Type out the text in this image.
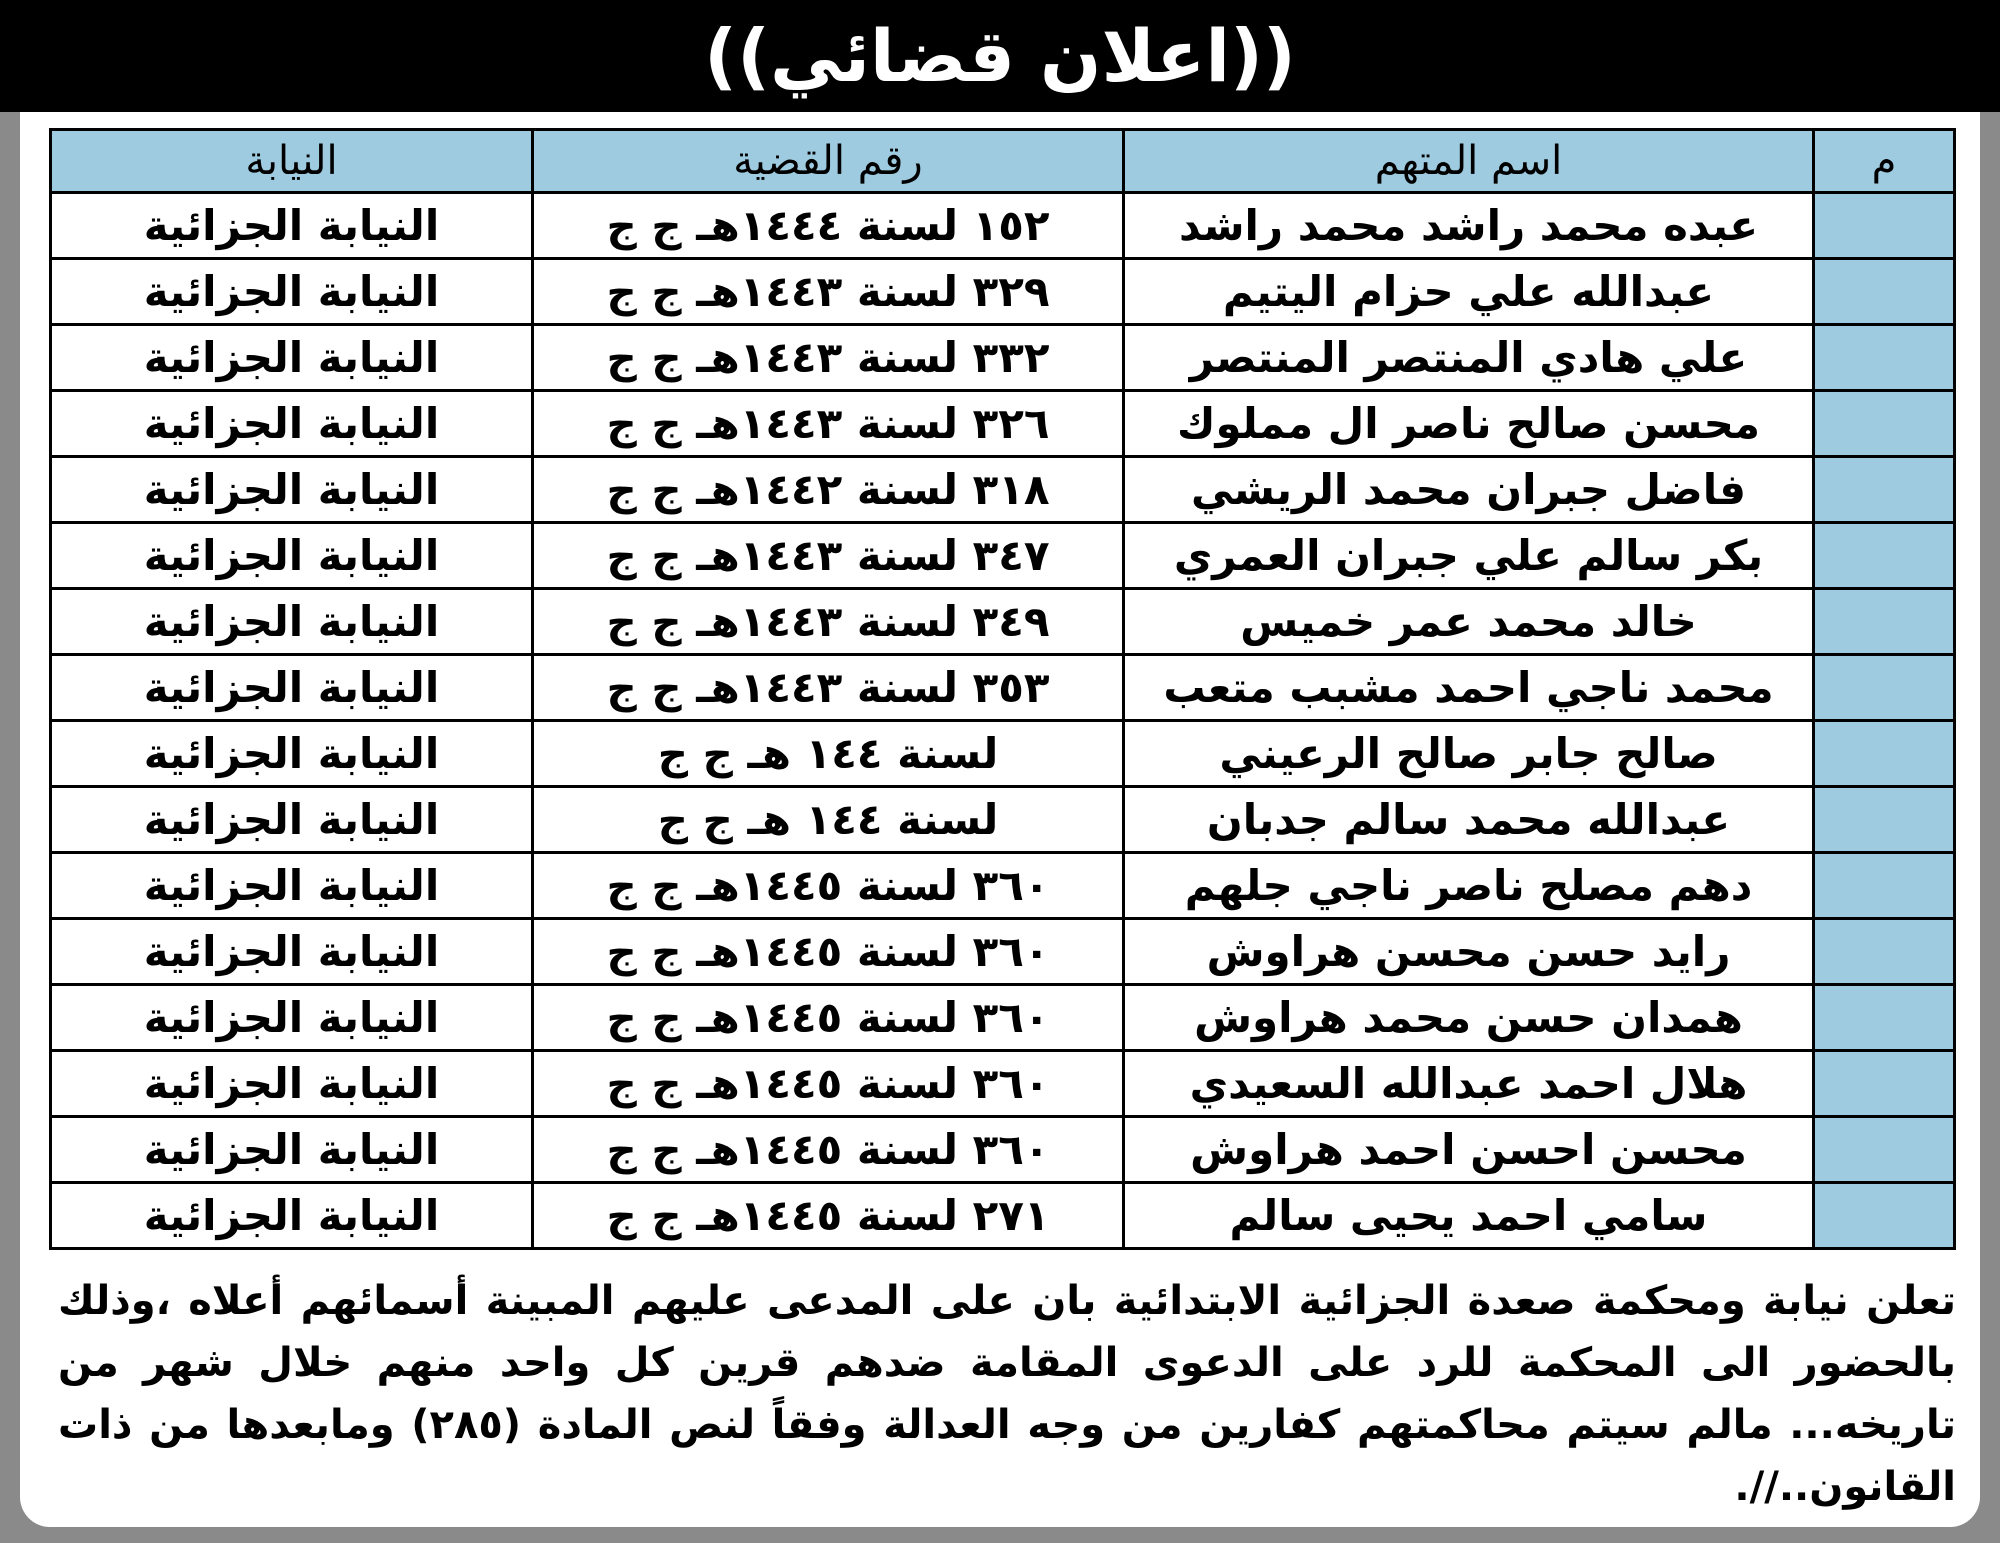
((اعلان قضائي))
م	اسم المتهم	رقم القضية	النيابة
	عبده محمد راشد محمد راشد	١٥٢ لسنة ١٤٤٤هـ ج ج	النيابة الجزائية
	عبدالله علي حزام اليتيم	٣٢٩ لسنة ١٤٤٣هـ ج ج	النيابة الجزائية
	علي هادي المنتصر المنتصر	٣٣٢ لسنة ١٤٤٣هـ ج ج	النيابة الجزائية
	محسن صالح ناصر ال مملوك	٣٢٦ لسنة ١٤٤٣هـ ج ج	النيابة الجزائية
	فاضل جبران محمد الريشي	٣١٨ لسنة ١٤٤٢هـ ج ج	النيابة الجزائية
	بكر سالم علي جبران العمري	٣٤٧ لسنة ١٤٤٣هـ ج ج	النيابة الجزائية
	خالد محمد عمر خميس	٣٤٩ لسنة ١٤٤٣هـ ج ج	النيابة الجزائية
	محمد ناجي احمد مشبب متعب	٣٥٣ لسنة ١٤٤٣هـ ج ج	النيابة الجزائية
	صالح جابر صالح الرعيني	لسنة ١٤٤ هـ ج ج	النيابة الجزائية
	عبدالله محمد سالم جدبان	لسنة ١٤٤ هـ ج ج	النيابة الجزائية
	دهم مصلح ناصر ناجي جلهم	٣٦٠ لسنة ١٤٤٥هـ ج ج	النيابة الجزائية
	رايد حسن محسن هراوش	٣٦٠ لسنة ١٤٤٥هـ ج ج	النيابة الجزائية
	همدان حسن محمد هراوش	٣٦٠ لسنة ١٤٤٥هـ ج ج	النيابة الجزائية
	هلال احمد عبدالله السعيدي	٣٦٠ لسنة ١٤٤٥هـ ج ج	النيابة الجزائية
	محسن احسن احمد هراوش	٣٦٠ لسنة ١٤٤٥هـ ج ج	النيابة الجزائية
	سامي احمد يحيى سالم	٢٧١ لسنة ١٤٤٥هـ ج ج	النيابة الجزائية
تعلن نيابة ومحكمة صعدة الجزائية الابتدائية بان على المدعى عليهم المبينة أسمائهم أعلاه ،وذلك بالحضور الى المحكمة للرد على الدعوى المقامة ضدهم قرين كل واحد منهم خلال شهر من تاريخه... مالم سيتم محاكمتهم كفارين من وجه العدالة وفقاً لنص المادة (٢٨٥) ومابعدها من ذات القانون..//.
